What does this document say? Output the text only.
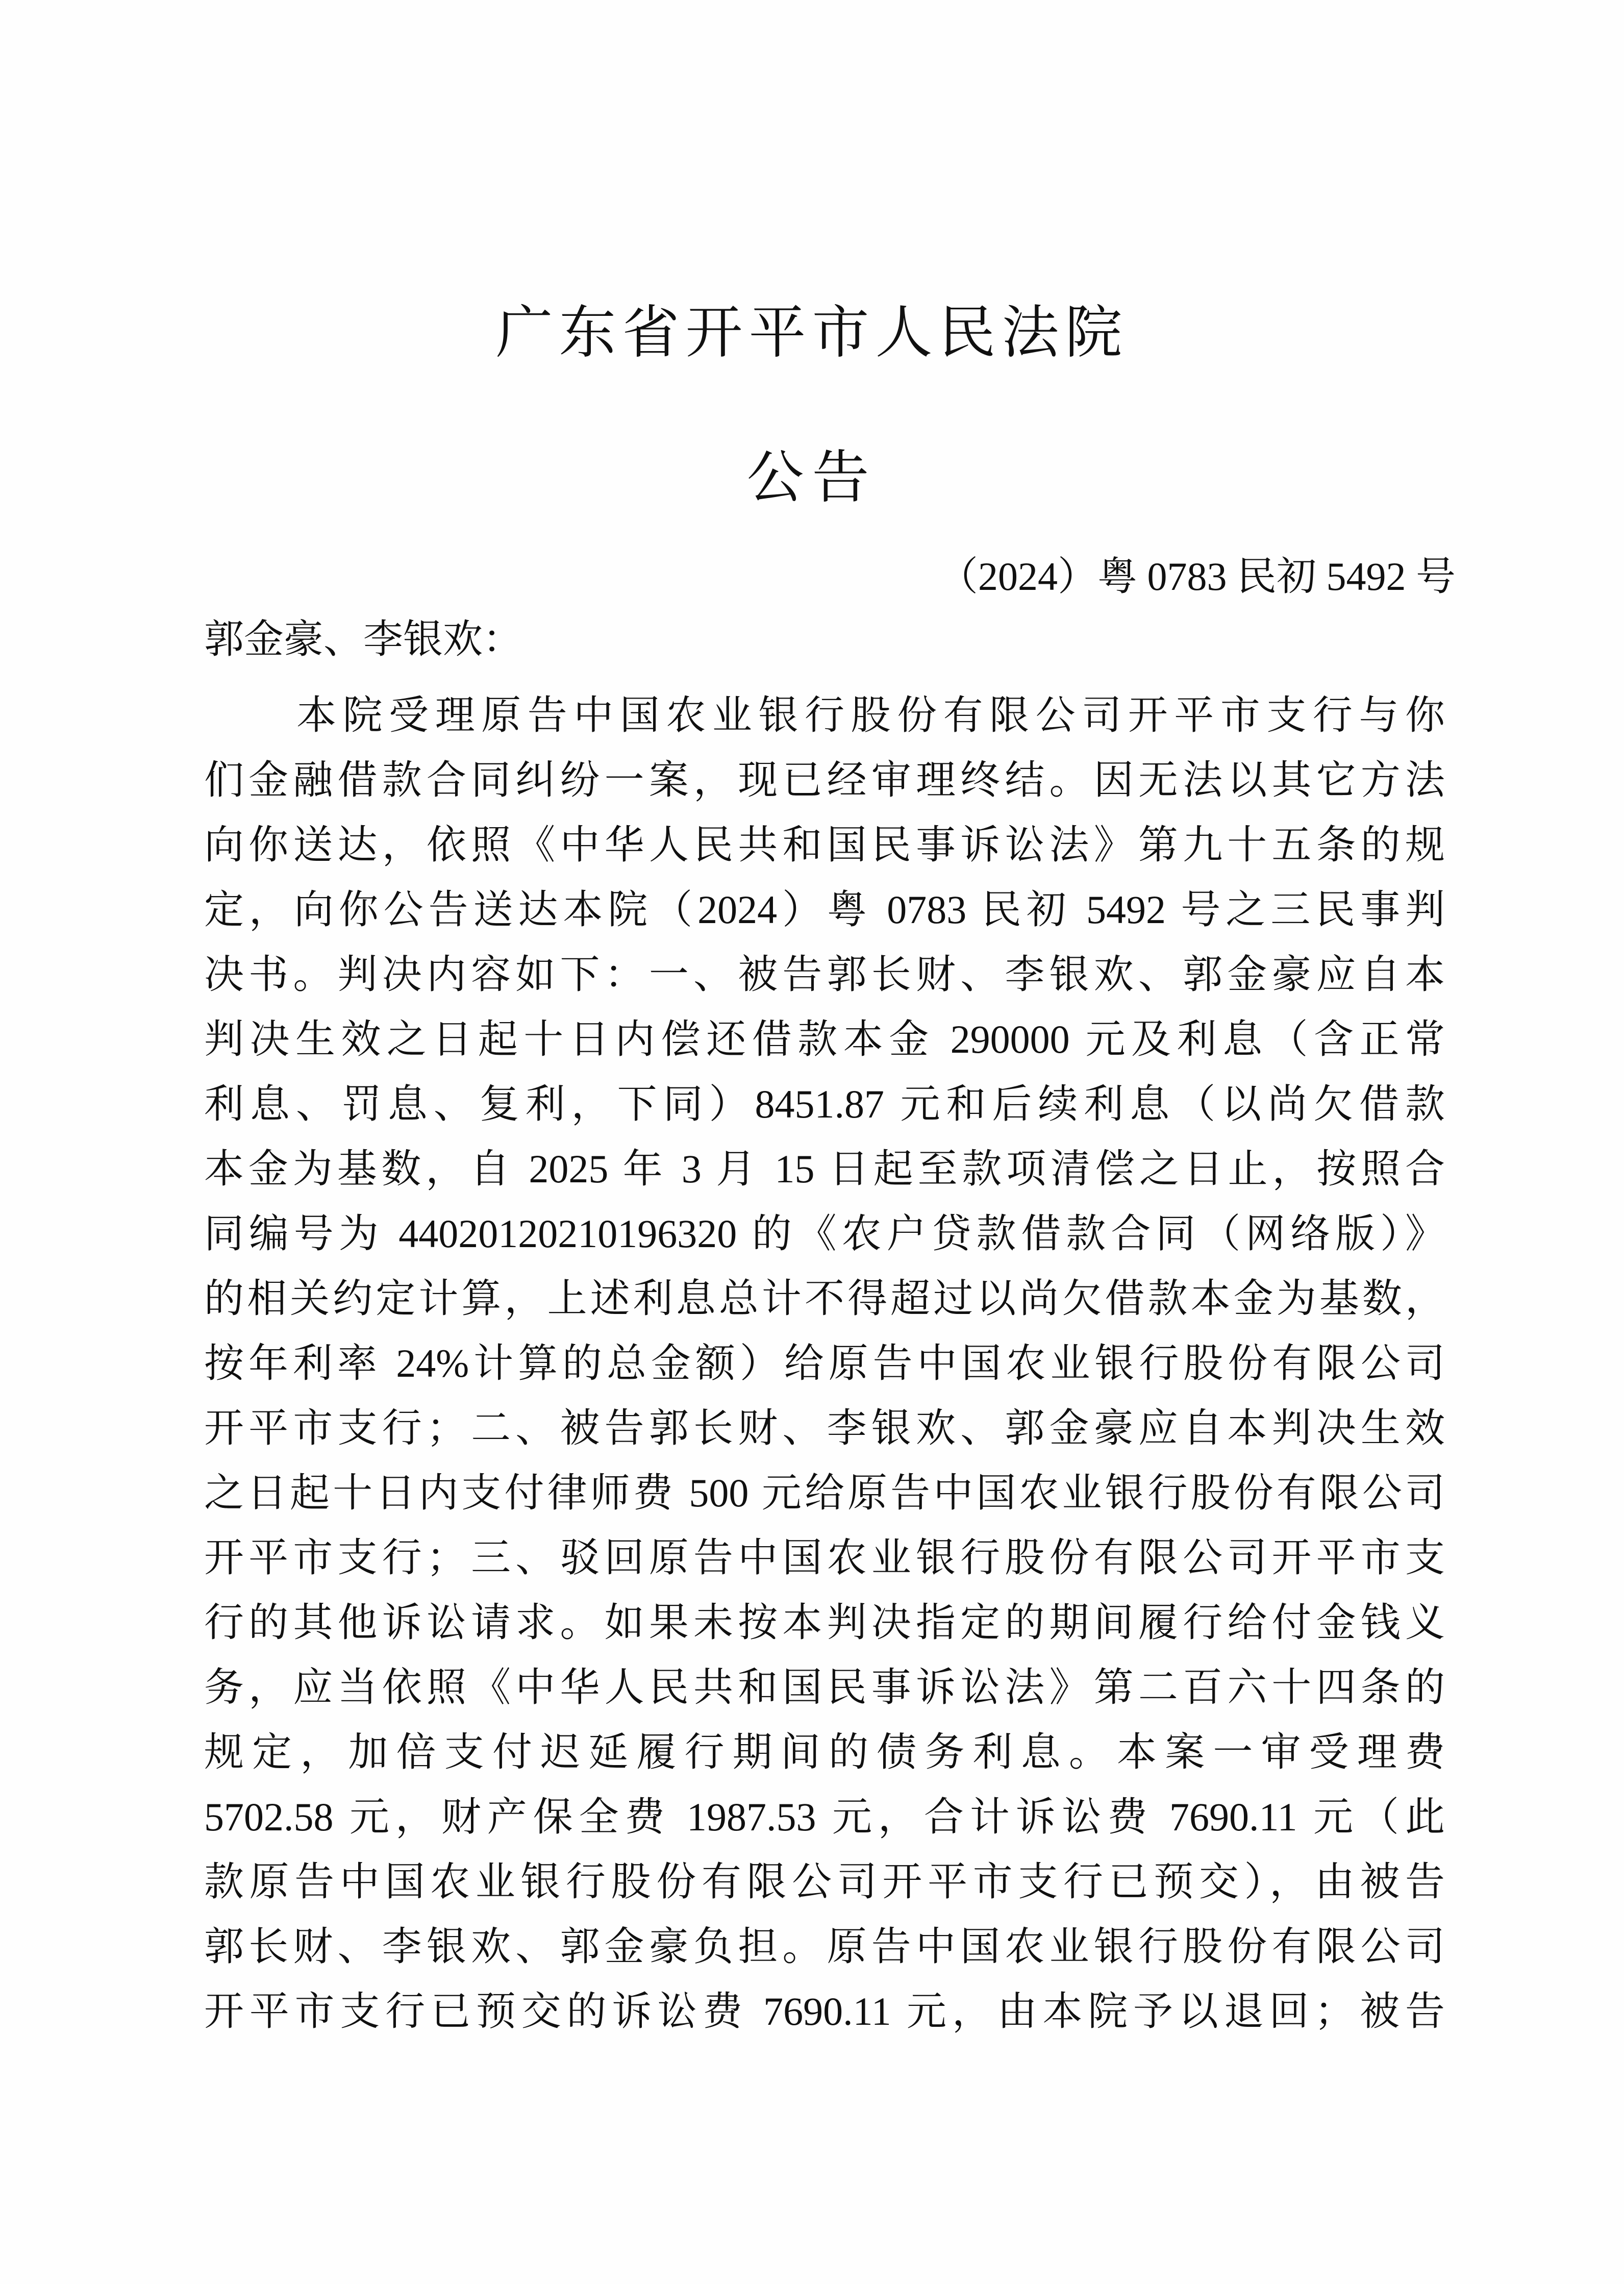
广东省开平市人民法院
公告
（2024）粤 0783 民初 5492 号
郭金豪、李银欢：
　　本院受理原告中国农业银行股份有限公司开平市支行与你
们金融借款合同纠纷一案，现已经审理终结。因无法以其它方法
向你送达，依照《中华人民共和国民事诉讼法》第九十五条的规
定，向你公告送达本院（2024）粤 0783 民初 5492 号之三民事判
决书。判决内容如下：一、被告郭长财、李银欢、郭金豪应自本
判决生效之日起十日内偿还借款本金 290000 元及利息（含正常
利息、罚息、复利，下同）8451.87 元和后续利息（以尚欠借款
本金为基数，自 2025 年 3 月 15 日起至款项清偿之日止，按照合
同编号为 44020120210196320 的《农户贷款借款合同（网络版）》
的相关约定计算，上述利息总计不得超过以尚欠借款本金为基数，
按年利率 24%计算的总金额）给原告中国农业银行股份有限公司
开平市支行；二、被告郭长财、李银欢、郭金豪应自本判决生效
之日起十日内支付律师费 500 元给原告中国农业银行股份有限公司
开平市支行；三、驳回原告中国农业银行股份有限公司开平市支
行的其他诉讼请求。如果未按本判决指定的期间履行给付金钱义
务，应当依照《中华人民共和国民事诉讼法》第二百六十四条的
规定，加倍支付迟延履行期间的债务利息。本案一审受理费
5702.58 元，财产保全费 1987.53 元，合计诉讼费 7690.11 元（此
款原告中国农业银行股份有限公司开平市支行已预交），由被告
郭长财、李银欢、郭金豪负担。原告中国农业银行股份有限公司
开平市支行已预交的诉讼费 7690.11 元，由本院予以退回；被告
